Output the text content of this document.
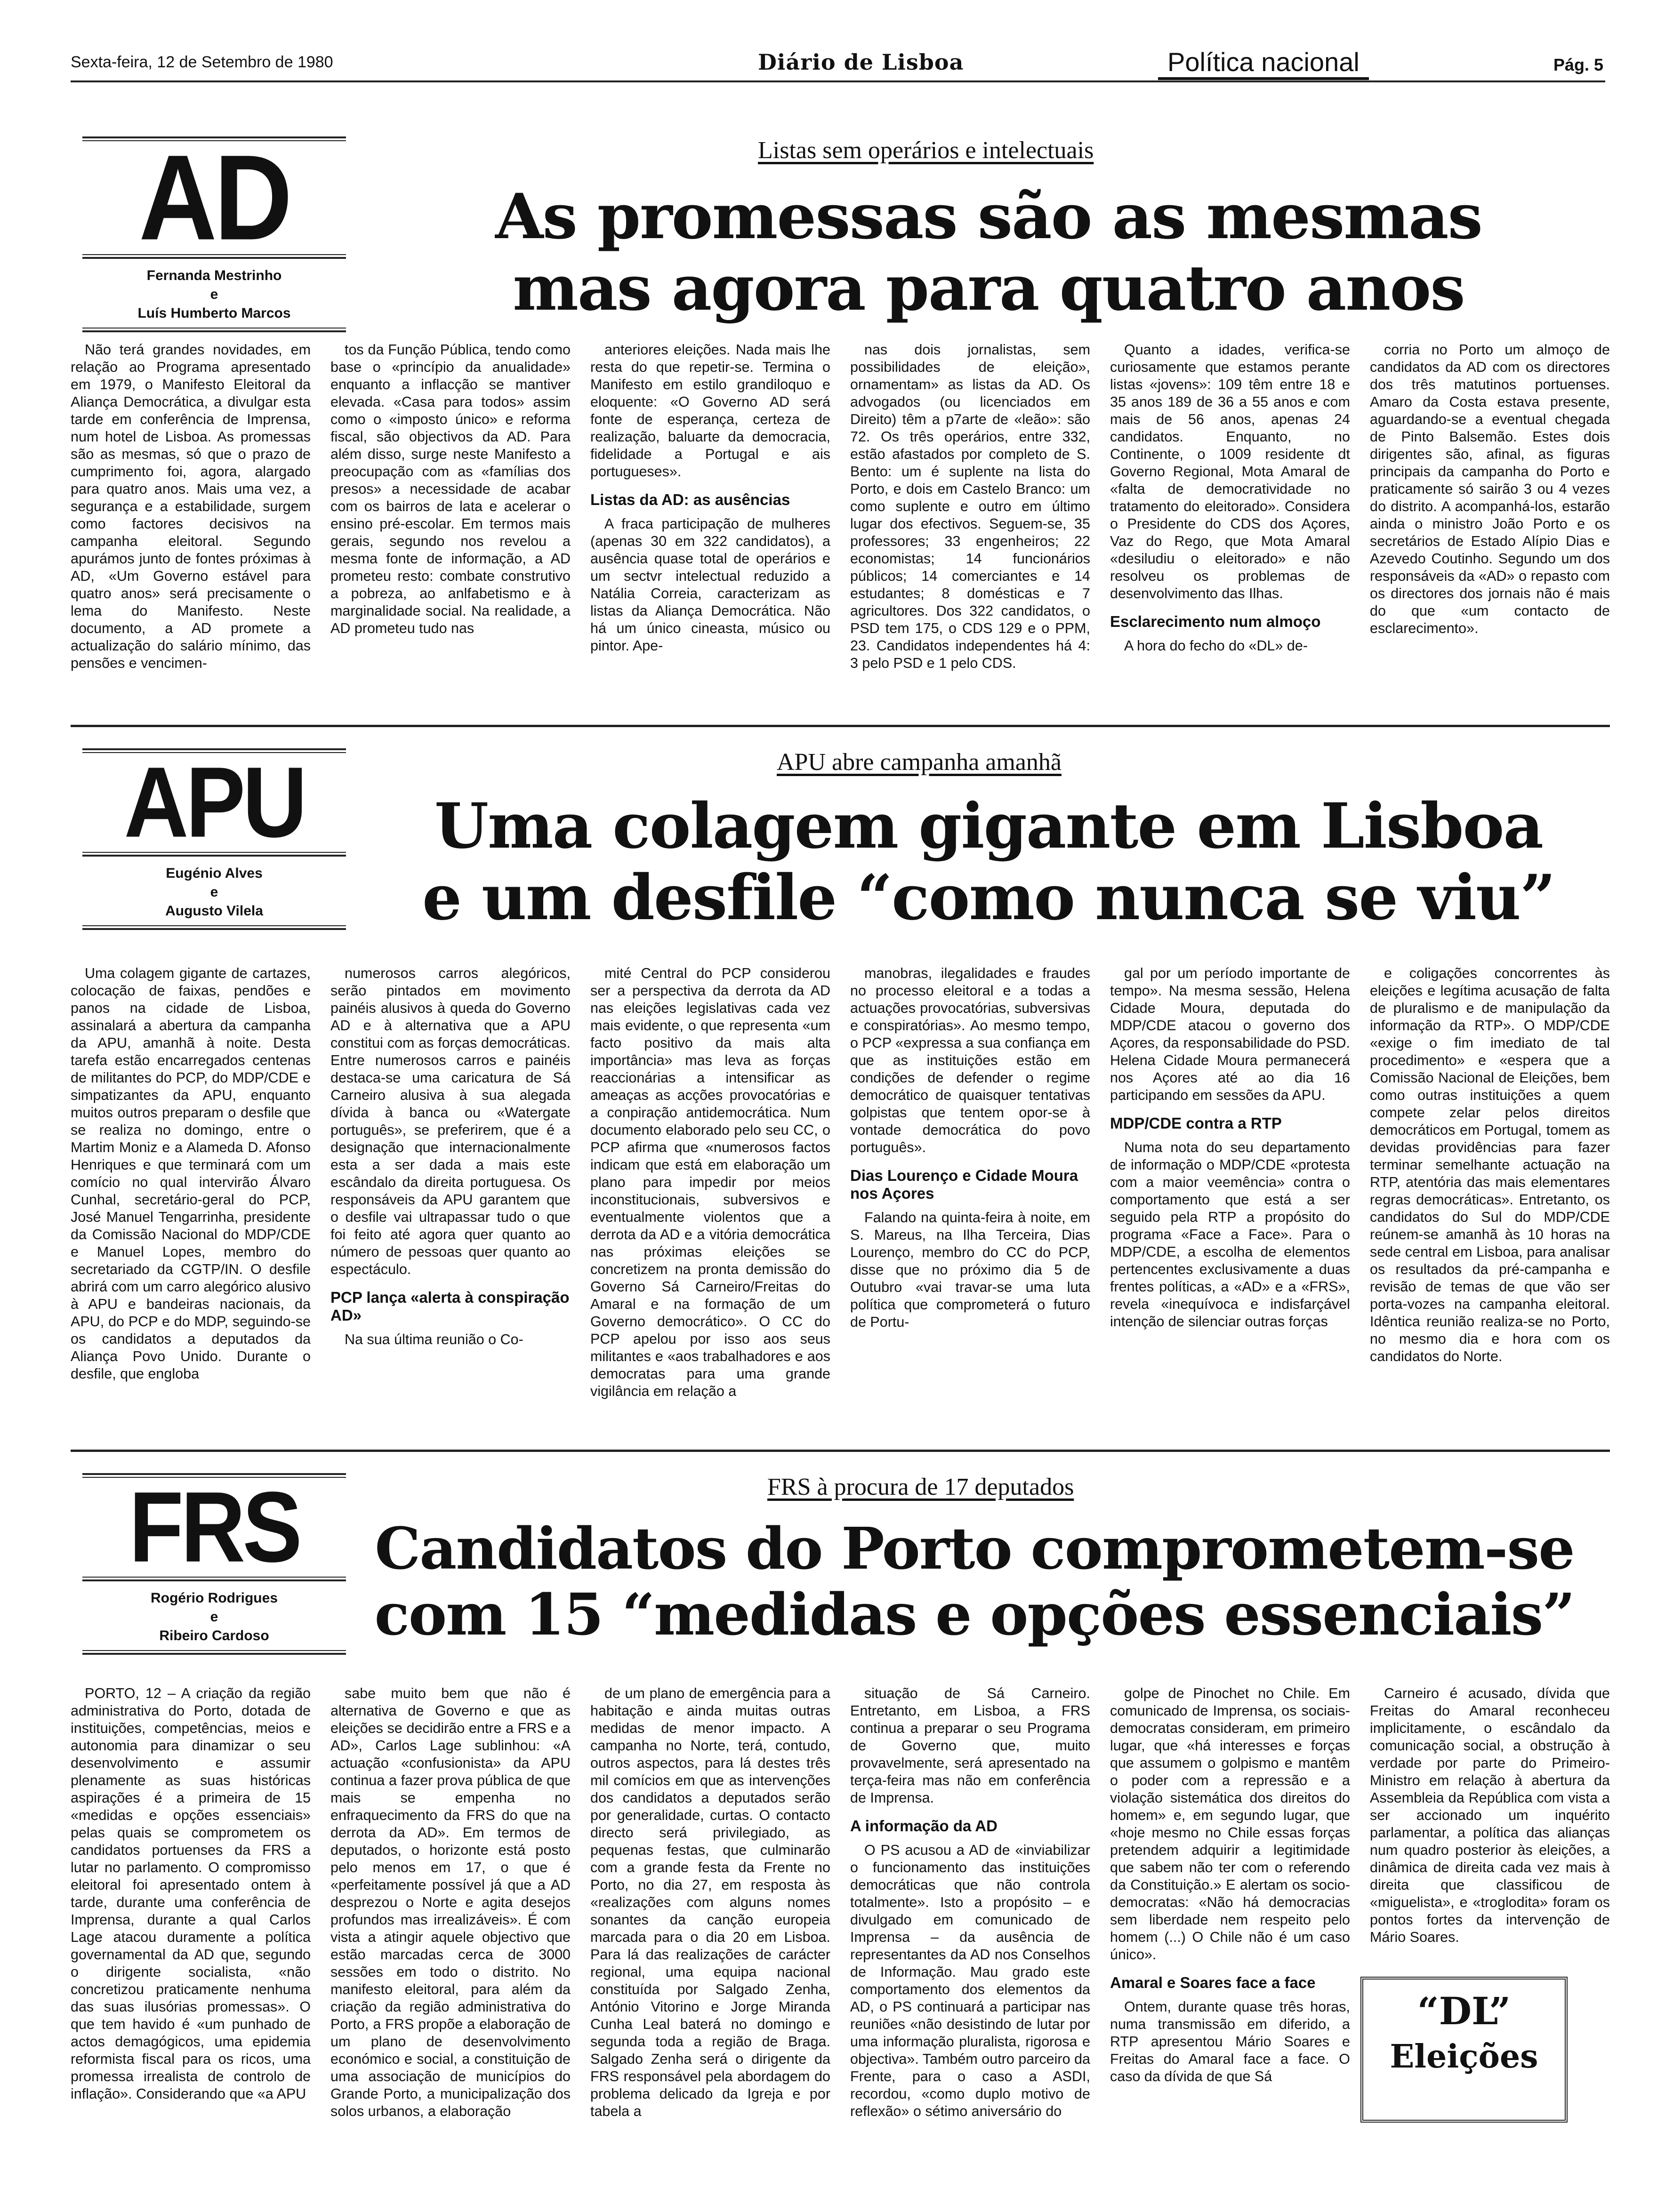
Sexta-feira, 12 de Setembro de 1980	Diário de Lisboa	Política nacional	Pág. 5
AD
Fernanda Mestrinho
e
Luís Humberto Marcos
Listas sem operários e intelectuais
As promessas são as mesmas
mas agora para quatro anos

Não terá grandes novidades, em relação ao Programa apresentado em 1979, o Manifesto Eleitoral da Aliança Democrática, a divulgar esta tarde em conferência de Imprensa, num hotel de Lisboa. As promessas são as mesmas, só que o prazo de cumprimento foi, agora, alargado para quatro anos. Mais uma vez, a segurança e a estabilidade, surgem como factores decisivos na campanha eleitoral. Segundo apurámos junto de fontes próximas à AD, «Um Governo estável para quatro anos» será precisamente o lema do Manifesto. Neste documento, a AD promete a actualização do salário mínimo, das pensões e vencimen-

tos da Função Pública, tendo como base o «princípio da anualidade» enquanto a inflacção se mantiver elevada. «Casa para todos» assim como o «imposto único» e reforma fiscal, são objectivos da AD. Para além disso, surge neste Manifesto a preocupação com as «famílias dos presos» a necessidade de acabar com os bairros de lata e acelerar o ensino pré-escolar. Em termos mais gerais, segundo nos revelou a mesma fonte de informação, a AD prometeu resto: combate construtivo a pobreza, ao anlfabetismo e à marginalidade social. Na realidade, a AD prometeu tudo nas

anteriores eleições. Nada mais lhe resta do que repetir-se. Termina o Manifesto em estilo grandiloquo e eloquente: «O Governo AD será fonte de esperança, certeza de realização, baluarte da democracia, fidelidade a Portugal e ais portugueses».

Listas da AD: as ausências

A fraca participação de mulheres (apenas 30 em 322 candidatos), a ausência quase total de operários e um sectvr intelectual reduzido a Natália Correia, caracterizam as listas da Aliança Democrática. Não há um único cineasta, músico ou pintor. Ape-

nas dois jornalistas, sem possibilidades de eleição», ornamentam» as listas da AD. Os advogados (ou licenciados em Direito) têm a p7arte de «leão»: são 72. Os três operários, entre 332, estão afastados por completo de S. Bento: um é suplente na lista do Porto, e dois em Castelo Branco: um como suplente e outro em último lugar dos efectivos. Seguem-se, 35 professores; 33 engenheiros; 22 economistas; 14 funcionários públicos; 14 comerciantes e 14 estudantes; 8 domésticas e 7 agricultores. Dos 322 candidatos, o PSD tem 175, o CDS 129 e o PPM, 23. Candidatos independentes há 4: 3 pelo PSD e 1 pelo CDS.

Quanto a idades, verifica-se curiosamente que estamos perante listas «jovens»: 109 têm entre 18 e 35 anos 189 de 36 a 55 anos e com mais de 56 anos, apenas 24 candidatos. Enquanto, no Continente, o 1009 residente dt Governo Regional, Mota Amaral de «falta de democratividade no tratamento do eleitorado». Considera o Presidente do CDS dos Açores, Vaz do Rego, que Mota Amaral «desiludiu o eleitorado» e não resolveu os problemas de desenvolvimento das Ilhas.

Esclarecimento num almoço

A hora do fecho do «DL» de-

corria no Porto um almoço de candidatos da AD com os directores dos três matutinos portuenses. Amaro da Costa estava presente, aguardando-se a eventual chegada de Pinto Balsemão. Estes dois dirigentes são, afinal, as figuras principais da campanha do Porto e praticamente só sairão 3 ou 4 vezes do distrito. A acompanhá-los, estarão ainda o ministro João Porto e os secretários de Estado Alípio Dias e Azevedo Coutinho. Segundo um dos responsáveis da «AD» o repasto com os directores dos jornais não é mais do que «um contacto de esclarecimento».

APU
Eugénio Alves
e
Augusto Vilela
APU abre campanha amanhã
Uma colagem gigante em Lisboa
e um desfile “como nunca se viu”

Uma colagem gigante de cartazes, colocação de faixas, pendões e panos na cidade de Lisboa, assinalará a abertura da campanha da APU, amanhã à noite. Desta tarefa estão encarregados centenas de militantes do PCP, do MDP/CDE e simpatizantes da APU, enquanto muitos outros preparam o desfile que se realiza no domingo, entre o Martim Moniz e a Alameda D. Afonso Henriques e que terminará com um comício no qual intervirão Álvaro Cunhal, secretário-geral do PCP, José Manuel Tengarrinha, presidente da Comissão Nacional do MDP/CDE e Manuel Lopes, membro do secretariado da CGTP/IN. O desfile abrirá com um carro alegórico alusivo à APU e bandeiras nacionais, da APU, do PCP e do MDP, seguindo-se os candidatos a deputados da Aliança Povo Unido. Durante o desfile, que engloba

numerosos carros alegóricos, serão pintados em movimento painéis alusivos à queda do Governo AD e à alternativa que a APU constitui com as forças democráticas. Entre numerosos carros e painéis destaca-se uma caricatura de Sá Carneiro alusiva à sua alegada dívida à banca ou «Watergate português», se preferirem, que é a designação que internacionalmente esta a ser dada a mais este escândalo da direita portuguesa. Os responsáveis da APU garantem que o desfile vai ultrapassar tudo o que foi feito até agora quer quanto ao número de pessoas quer quanto ao espectáculo.

PCP lança «alerta à conspiração AD»

Na sua última reunião o Co-

mité Central do PCP considerou ser a perspectiva da derrota da AD nas eleições legislativas cada vez mais evidente, o que representa «um facto positivo da mais alta importância» mas leva as forças reaccionárias a intensificar as ameaças as acções provocatórias e a conpiração antidemocrática. Num documento elaborado pelo seu CC, o PCP afirma que «numerosos factos indicam que está em elaboração um plano para impedir por meios inconstitucionais, subversivos e eventualmente violentos que a derrota da AD e a vitória democrática nas próximas eleições se concretizem na pronta demissão do Governo Sá Carneiro/Freitas do Amaral e na formação de um Governo democrático». O CC do PCP apelou por isso aos seus militantes e «aos trabalhadores e aos democratas para uma grande vigilância em relação a

manobras, ilegalidades e fraudes no processo eleitoral e a todas a actuações provocatórias, subversivas e conspiratórias». Ao mesmo tempo, o PCP «expressa a sua confiança em que as instituições estão em condições de defender o regime democrático de quaisquer tentativas golpistas que tentem opor-se à vontade democrática do povo português».

Dias Lourenço e Cidade Moura nos Açores

Falando na quinta-feira à noite, em S. Mareus, na Ilha Terceira, Dias Lourenço, membro do CC do PCP, disse que no próximo dia 5 de Outubro «vai travar-se uma luta política que comprometerá o futuro de Portu-

gal por um período importante de tempo». Na mesma sessão, Helena Cidade Moura, deputada do MDP/CDE atacou o governo dos Açores, da responsabilidade do PSD. Helena Cidade Moura permanecerá nos Açores até ao dia 16 participando em sessões da APU.

MDP/CDE contra a RTP

Numa nota do seu departamento de informação o MDP/CDE «protesta com a maior veemência» contra o comportamento que está a ser seguido pela RTP a propósito do programa «Face a Face». Para o MDP/CDE, a escolha de elementos pertencentes exclusivamente a duas frentes políticas, a «AD» e a «FRS», revela «inequívoca e indisfarçável intenção de silenciar outras forças

e coligações concorrentes às eleições e legítima acusação de falta de pluralismo e de manipulação da informação da RTP». O MDP/CDE «exige o fim imediato de tal procedimento» e «espera que a Comissão Nacional de Eleições, bem como outras instituições a quem compete zelar pelos direitos democráticos em Portugal, tomem as devidas providências para fazer terminar semelhante actuação na RTP, atentória das mais elementares regras democráticas». Entretanto, os candidatos do Sul do MDP/CDE reúnem-se amanhã às 10 horas na sede central em Lisboa, para analisar os resultados da pré-campanha e revisão de temas de que vão ser porta-vozes na campanha eleitoral. Idêntica reunião realiza-se no Porto, no mesmo dia e hora com os candidatos do Norte.

FRS
Rogério Rodrigues
e
Ribeiro Cardoso
FRS à procura de 17 deputados
Candidatos do Porto comprometem-se
com 15 “medidas e opções essenciais”

PORTO, 12 – A criação da região administrativa do Porto, dotada de instituições, competências, meios e autonomia para dinamizar o seu desenvolvimento e assumir plenamente as suas históricas aspirações é a primeira de 15 «medidas e opções essenciais» pelas quais se comprometem os candidatos portuenses da FRS a lutar no parlamento. O compromisso eleitoral foi apresentado ontem à tarde, durante uma conferência de Imprensa, durante a qual Carlos Lage atacou duramente a política governamental da AD que, segundo o dirigente socialista, «não concretizou praticamente nenhuma das suas ilusórias promessas». O que tem havido é «um punhado de actos demagógicos, uma epidemia reformista fiscal para os ricos, uma promessa irrealista de controlo de inflação». Considerando que «a APU

sabe muito bem que não é alternativa de Governo e que as eleições se decidirão entre a FRS e a AD», Carlos Lage sublinhou: «A actuação «confusionista» da APU continua a fazer prova pública de que mais se empenha no enfraquecimento da FRS do que na derrota da AD». Em termos de deputados, o horizonte está posto pelo menos em 17, o que é «perfeitamente possível já que a AD desprezou o Norte e agita desejos profundos mas irrealizáveis». É com vista a atingir aquele objectivo que estão marcadas cerca de 3000 sessões em todo o distrito. No manifesto eleitoral, para além da criação da região administrativa do Porto, a FRS propõe a elaboração de um plano de desenvolvimento económico e social, a constituição de uma associação de municípios do Grande Porto, a municipalização dos solos urbanos, a elaboração

de um plano de emergência para a habitação e ainda muitas outras medidas de menor impacto. A campanha no Norte, terá, contudo, outros aspectos, para lá destes três mil comícios em que as intervenções dos candidatos a deputados serão por generalidade, curtas. O contacto directo será privilegiado, as pequenas festas, que culminarão com a grande festa da Frente no Porto, no dia 27, em resposta às «realizações com alguns nomes sonantes da canção europeia marcada para o dia 20 em Lisboa. Para lá das realizações de carácter regional, uma equipa nacional constituída por Salgado Zenha, António Vitorino e Jorge Miranda Cunha Leal baterá no domingo e segunda toda a região de Braga. Salgado Zenha será o dirigente da FRS responsável pela abordagem do problema delicado da Igreja e por tabela a

situação de Sá Carneiro. Entretanto, em Lisboa, a FRS continua a preparar o seu Programa de Governo que, muito provavelmente, será apresentado na terça-feira mas não em conferência de Imprensa.

A informação da AD

O PS acusou a AD de «inviabilizar o funcionamento das instituições democráticas que não controla totalmente». Isto a propósito – e divulgado em comunicado de Imprensa – da ausência de representantes da AD nos Conselhos de Informação. Mau grado este comportamento dos elementos da AD, o PS continuará a participar nas reuniões «não desistindo de lutar por uma informação pluralista, rigorosa e objectiva». Também outro parceiro da Frente, para o caso a ASDI, recordou, «como duplo motivo de reflexão» o sétimo aniversário do

golpe de Pinochet no Chile. Em comunicado de Imprensa, os sociais-democratas consideram, em primeiro lugar, que «há interesses e forças que assumem o golpismo e mantêm o poder com a repressão e a violação sistemática dos direitos do homem» e, em segundo lugar, que «hoje mesmo no Chile essas forças pretendem adquirir a legitimidade que sabem não ter com o referendo da Constituição.» E alertam os socio-democratas: «Não há democracias sem liberdade nem respeito pelo homem (...) O Chile não é um caso único».

Amaral e Soares face a face

Ontem, durante quase três horas, numa transmissão em diferido, a RTP apresentou Mário Soares e Freitas do Amaral face a face. O caso da dívida de que Sá

Carneiro é acusado, dívida que Freitas do Amaral reconheceu implicitamente, o escândalo da comunicação social, a obstrução à verdade por parte do Primeiro-Ministro em relação à abertura da Assembleia da República com vista a ser accionado um inquérito parlamentar, a política das alianças num quadro posterior às eleições, a dinâmica de direita cada vez mais à direita que classificou de «miguelista», e «troglodita» foram os pontos fortes da intervenção de Mário Soares.

“DL”
Eleições
